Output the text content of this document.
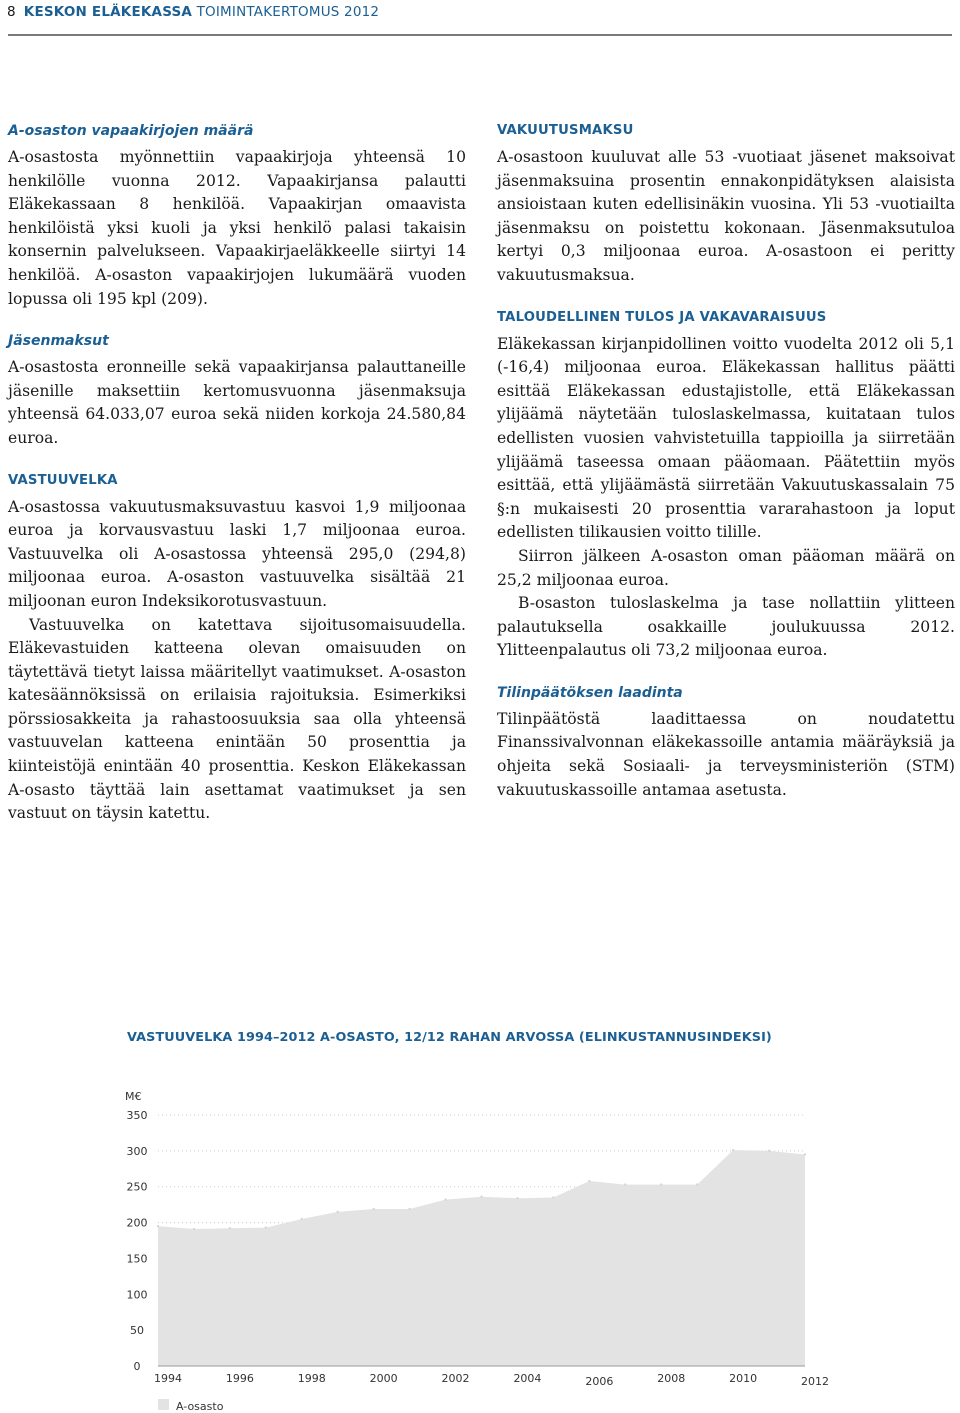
8 KESKON ELÄKEKASSA TOIMINTAKERTOMUS 2012

A-osaston vapaakirjojen määrä

A-osastosta myönnettiin vapaakirjoja yhteensä 10 henkilölle vuonna 2012. Vapaakirjansa palautti Eläkekassaan 8 henkilöä. Vapaakirjan omaavista henkilöistä yksi kuoli ja yksi henkilö palasi takaisin konsernin palvelukseen. Vapaakirjaeläkkeelle siirtyi 14 henkilöä. A-osaston vapaakirjojen lukumäärä vuoden lopussa oli 195 kpl (209).

Jäsenmaksut

A-osastosta eronneille sekä vapaakirjansa palauttaneille jäsenille maksettiin kertomusvuonna jäsenmaksuja yhteensä 64.033,07 euroa sekä niiden korkoja 24.580,84 euroa.

VASTUUVELKA

A-osastossa vakuutusmaksuvastuu kasvoi 1,9 miljoonaa euroa ja korvausvastuu laski 1,7 miljoonaa euroa. Vastuuvelka oli A-osastossa yhteensä 295,0 (294,8) miljoonaa euroa. A-osaston vastuuvelka sisältää 21 miljoonan euron Indeksikorotusvastuun.

Vastuuvelka on katettava sijoitusomaisuudella. Eläkevastuiden katteena olevan omaisuuden on täytettävä tietyt laissa määritellyt vaatimukset. A-osaston katesäännöksissä on erilaisia rajoituksia. Esimerkiksi pörssiosakkeita ja rahastoosuuksia saa olla yhteensä vastuuvelan katteena enintään 50 prosenttia ja kiinteistöjä enintään 40 prosenttia. Keskon Eläkekassan A-osasto täyttää lain asettamat vaatimukset ja sen vastuut on täysin katettu.

VAKUUTUSMAKSU

A-osastoon kuuluvat alle 53 -vuotiaat jäsenet maksoivat jäsenmaksuina prosentin ennakonpidätyksen alaisista ansioistaan kuten edellisinäkin vuosina. Yli 53 -vuotiailta jäsenmaksu on poistettu kokonaan. Jäsenmaksutuloa kertyi 0,3 miljoonaa euroa. A-osastoon ei peritty vakuutusmaksua.

TALOUDELLINEN TULOS JA VAKAVARAISUUS

Eläkekassan kirjanpidollinen voitto vuodelta 2012 oli 5,1 (-16,4) miljoonaa euroa. Eläkekassan hallitus päätti esittää Eläkekassan edustajistolle, että Eläkekassan ylijäämä näytetään tuloslaskelmassa, kuitataan tulos edellisten vuosien vahvistetuilla tappioilla ja siirretään ylijäämä taseessa omaan pääomaan. Päätettiin myös esittää, että ylijäämästä siirretään Vakuutuskassalain 75 §:n mukaisesti 20 prosenttia vararahastoon ja loput edellisten tilikausien voitto tilille.

Siirron jälkeen A-osaston oman pääoman määrä on 25,2 miljoonaa euroa.

B-osaston tuloslaskelma ja tase nollattiin ylitteen palautuksella osakkaille joulukuussa 2012. Ylitteenpalautus oli 73,2 miljoonaa euroa.

Tilinpäätöksen laadinta

Tilinpäätöstä laadittaessa on noudatettu Finanssivalvonnan eläkekassoille antamia määräyksiä ja ohjeita sekä Sosiaali- ja terveysministeriön (STM) vakuutuskassoille antamaa asetusta.

VASTUUVELKA 1994–2012 A-OSASTO, 12/12 RAHAN ARVOSSA (ELINKUSTANNUSINDEKSI)
0
50
100
150
200
250
300
350
M€
1994	1996	1998	2000	2002	2004	2006	2008	2010	2012
A-osasto
